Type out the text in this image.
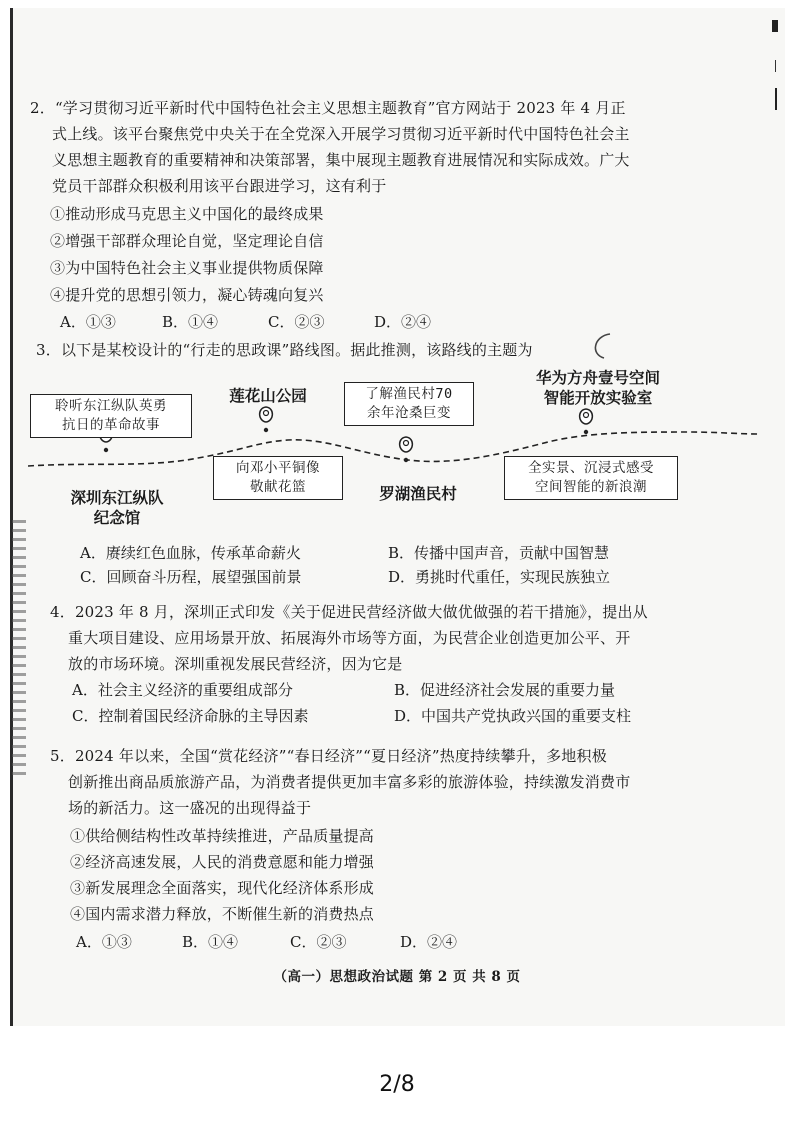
2．“学习贯彻习近平新时代中国特色社会主义思想主题教育”官方网站于 2023 年 4 月正
式上线。该平台聚焦党中央关于在全党深入开展学习贯彻习近平新时代中国特色社会主
义思想主题教育的重要精神和决策部署，集中展现主题教育进展情况和实际成效。广大
党员干部群众积极利用该平台跟进学习，这有利于
①推动形成马克思主义中国化的最终成果
②增强干部群众理论自觉，坚定理论自信
③为中国特色社会主义事业提供物质保障
④提升党的思想引领力，凝心铸魂向复兴
A．①③	B．①④	C．②③	D．②④
3．以下是某校设计的“行走的思政课”路线图。据此推测，该路线的主题为
聆听东江纵队英勇
抗日的革命故事
向邓小平铜像
敬献花篮
了解渔民村70
余年沧桑巨变
全实景、沉浸式感受
空间智能的新浪潮
深圳东江纵队
纪念馆
莲花山公园
罗湖渔民村
华为方舟壹号空间
智能开放实验室
A．赓续红色血脉，传承革命薪火	B．传播中国声音，贡献中国智慧
C．回顾奋斗历程，展望强国前景	D．勇挑时代重任，实现民族独立
4．2023 年 8 月，深圳正式印发《关于促进民营经济做大做优做强的若干措施》，提出从
重大项目建设、应用场景开放、拓展海外市场等方面，为民营企业创造更加公平、开
放的市场环境。深圳重视发展民营经济，因为它是
A．社会主义经济的重要组成部分	B．促进经济社会发展的重要力量
C．控制着国民经济命脉的主导因素	D．中国共产党执政兴国的重要支柱
5．2024 年以来，全国“赏花经济”“春日经济”“夏日经济”热度持续攀升，多地积极
创新推出商品质旅游产品，为消费者提供更加丰富多彩的旅游体验，持续激发消费市
场的新活力。这一盛况的出现得益于
①供给侧结构性改革持续推进，产品质量提高
②经济高速发展，人民的消费意愿和能力增强
③新发展理念全面落实，现代化经济体系形成
④国内需求潜力释放，不断催生新的消费热点
A．①③	B．①④	C．②③	D．②④
（高一）思想政治试题 第 2 页 共 8 页
2/8
